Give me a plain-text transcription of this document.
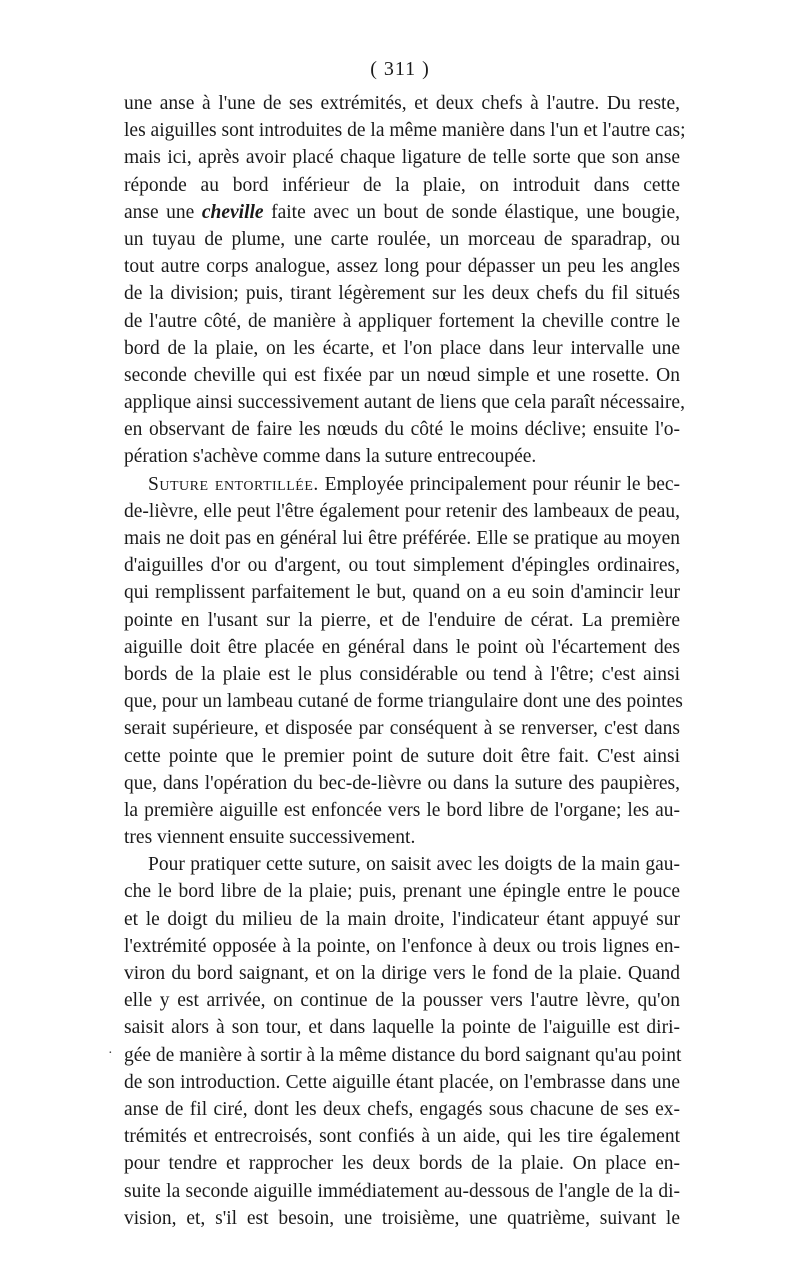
( 311 )
une anse à l'une de ses extrémités, et deux chefs à l'autre. Du reste,
les aiguilles sont introduites de la même manière dans l'un et l'autre cas;
mais ici, après avoir placé chaque ligature de telle sorte que son anse
réponde au bord inférieur de la plaie, on introduit dans cette
anse une cheville faite avec un bout de sonde élastique, une bougie,
un tuyau de plume, une carte roulée, un morceau de sparadrap, ou
tout autre corps analogue, assez long pour dépasser un peu les angles
de la division; puis, tirant légèrement sur les deux chefs du fil situés
de l'autre côté, de manière à appliquer fortement la cheville contre le
bord de la plaie, on les écarte, et l'on place dans leur intervalle une
seconde cheville qui est fixée par un nœud simple et une rosette. On
applique ainsi successivement autant de liens que cela paraît nécessaire,
en observant de faire les nœuds du côté le moins déclive; ensuite l'o-
pération s'achève comme dans la suture entrecoupée.
Suture entortillée. Employée principalement pour réunir le bec-
de-lièvre, elle peut l'être également pour retenir des lambeaux de peau,
mais ne doit pas en général lui être préférée. Elle se pratique au moyen
d'aiguilles d'or ou d'argent, ou tout simplement d'épingles ordinaires,
qui remplissent parfaitement le but, quand on a eu soin d'amincir leur
pointe en l'usant sur la pierre, et de l'enduire de cérat. La première
aiguille doit être placée en général dans le point où l'écartement des
bords de la plaie est le plus considérable ou tend à l'être; c'est ainsi
que, pour un lambeau cutané de forme triangulaire dont une des pointes
serait supérieure, et disposée par conséquent à se renverser, c'est dans
cette pointe que le premier point de suture doit être fait. C'est ainsi
que, dans l'opération du bec-de-lièvre ou dans la suture des paupières,
la première aiguille est enfoncée vers le bord libre de l'organe; les au-
tres viennent ensuite successivement.
Pour pratiquer cette suture, on saisit avec les doigts de la main gau-
che le bord libre de la plaie; puis, prenant une épingle entre le pouce
et le doigt du milieu de la main droite, l'indicateur étant appuyé sur
l'extrémité opposée à la pointe, on l'enfonce à deux ou trois lignes en-
viron du bord saignant, et on la dirige vers le fond de la plaie. Quand
elle y est arrivée, on continue de la pousser vers l'autre lèvre, qu'on
saisit alors à son tour, et dans laquelle la pointe de l'aiguille est diri-
gée de manière à sortir à la même distance du bord saignant qu'au point
de son introduction. Cette aiguille étant placée, on l'embrasse dans une
anse de fil ciré, dont les deux chefs, engagés sous chacune de ses ex-
trémités et entrecroisés, sont confiés à un aide, qui les tire également
pour tendre et rapprocher les deux bords de la plaie. On place en-
suite la seconde aiguille immédiatement au-dessous de l'angle de la di-
vision, et, s'il est besoin, une troisième, une quatrième, suivant le
·
